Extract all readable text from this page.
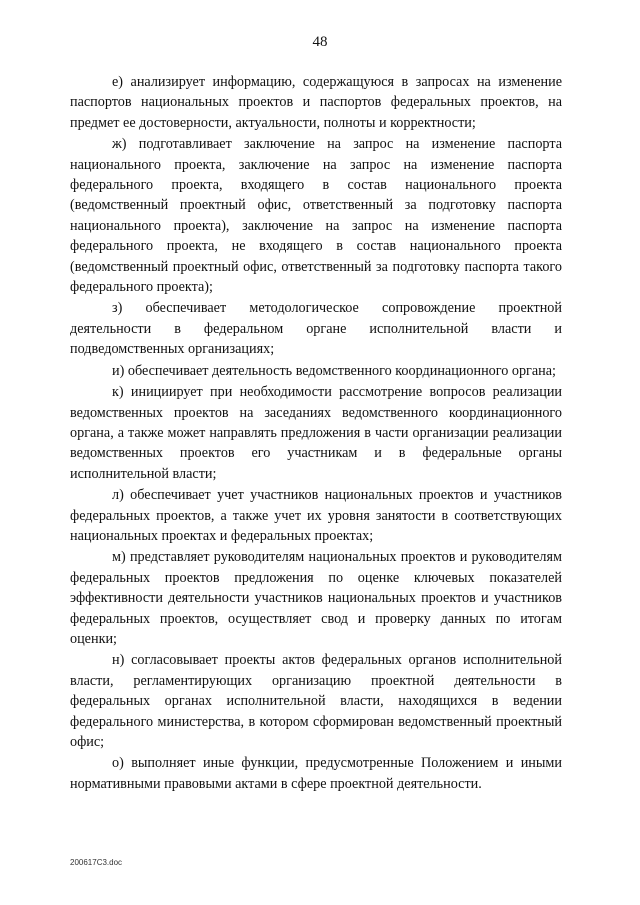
48

е) анализирует информацию, содержащуюся в запросах на изменение паспортов национальных проектов и паспортов федеральных проектов, на предмет ее достоверности, актуальности, полноты и корректности;

ж) подготавливает заключение на запрос на изменение паспорта национального проекта, заключение на запрос на изменение паспорта федерального проекта, входящего в состав национального проекта (ведомственный проектный офис, ответственный за подготовку паспорта национального проекта), заключение на запрос на изменение паспорта федерального проекта, не входящего в состав национального проекта (ведомственный проектный офис, ответственный за подготовку паспорта такого федерального проекта);

з) обеспечивает методологическое сопровождение проектной деятельности в федеральном органе исполнительной власти и подведомственных организациях;

и) обеспечивает деятельность ведомственного координационного органа;

к) инициирует при необходимости рассмотрение вопросов реализации ведомственных проектов на заседаниях ведомственного координационного органа, а также может направлять предложения в части организации реализации ведомственных проектов его участникам и в федеральные органы исполнительной власти;

л) обеспечивает учет участников национальных проектов и участников федеральных проектов, а также учет их уровня занятости в соответствующих национальных проектах и федеральных проектах;

м) представляет руководителям национальных проектов и руководителям федеральных проектов предложения по оценке ключевых показателей эффективности деятельности участников национальных проектов и участников федеральных проектов, осуществляет свод и проверку данных по итогам оценки;

н) согласовывает проекты актов федеральных органов исполнительной власти, регламентирующих организацию проектной деятельности в федеральных органах исполнительной власти, находящихся в ведении федерального министерства, в котором сформирован ведомственный проектный офис;

о) выполняет иные функции, предусмотренные Положением и иными нормативными правовыми актами в сфере проектной деятельности.

200617C3.doc
